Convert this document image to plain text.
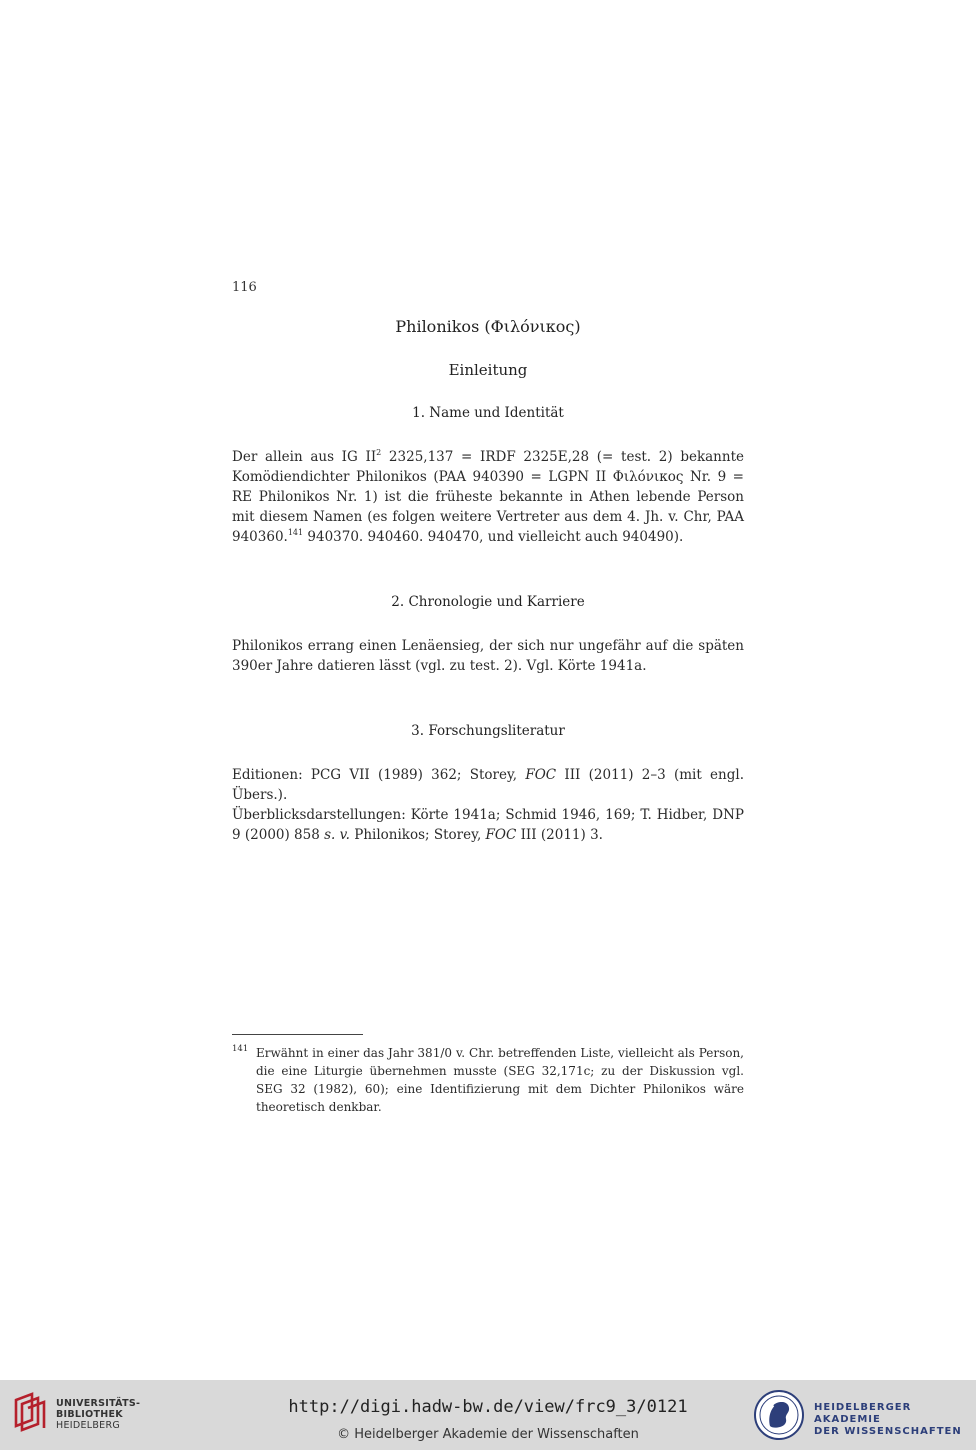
116
Philonikos (Φιλόνικος)
Einleitung
1. Name und Identität
Der allein aus IG $II^2$ 2325,137 = IRDF 2325E,28 (= test. 2) bekannte Komödiendichter Philonikos (PAA 940390 = LGPN II Φιλόνικος Nr. 9 = RE Philonikos Nr. 1) ist die früheste bekannte in Athen lebende Person mit diesem Namen (es folgen weitere Vertreter aus dem 4. Jh. v. Chr, PAA 940360.$^{141}$ 940370. 940460. 940470, und vielleicht auch 940490).
2. Chronologie und Karriere
Philonikos errang einen Lenäensieg, der sich nur ungefähr auf die späten 390er Jahre datieren lässt (vgl. zu test. 2). Vgl. Körte 1941a.
3. Forschungsliteratur
Editionen: PCG VII (1989) 362; Storey, FOC III (2011) 2–3 (mit engl. Übers.).
Überblicksdarstellungen: Körte 1941a; Schmid 1946, 169; T. Hidber, DNP 9 (2000) 858 s. v. Philonikos; Storey, FOC III (2011) 3.
141 Erwähnt in einer das Jahr 381/0 v. Chr. betreffenden Liste, vielleicht als Person, die eine Liturgie übernehmen musste (SEG 32,171c; zu der Diskussion vgl. SEG 32 (1982), 60); eine Identifizierung mit dem Dichter Philonikos wäre theoretisch denkbar.
UNIVERSITÄTS-
BIBLIOTHEK
HEIDELBERG
http://digi.hadw-bw.de/view/frc9_3/0121
© Heidelberger Akademie der Wissenschaften
HEIDELBERGER AKADEMIE
DER WISSENSCHAFTEN
